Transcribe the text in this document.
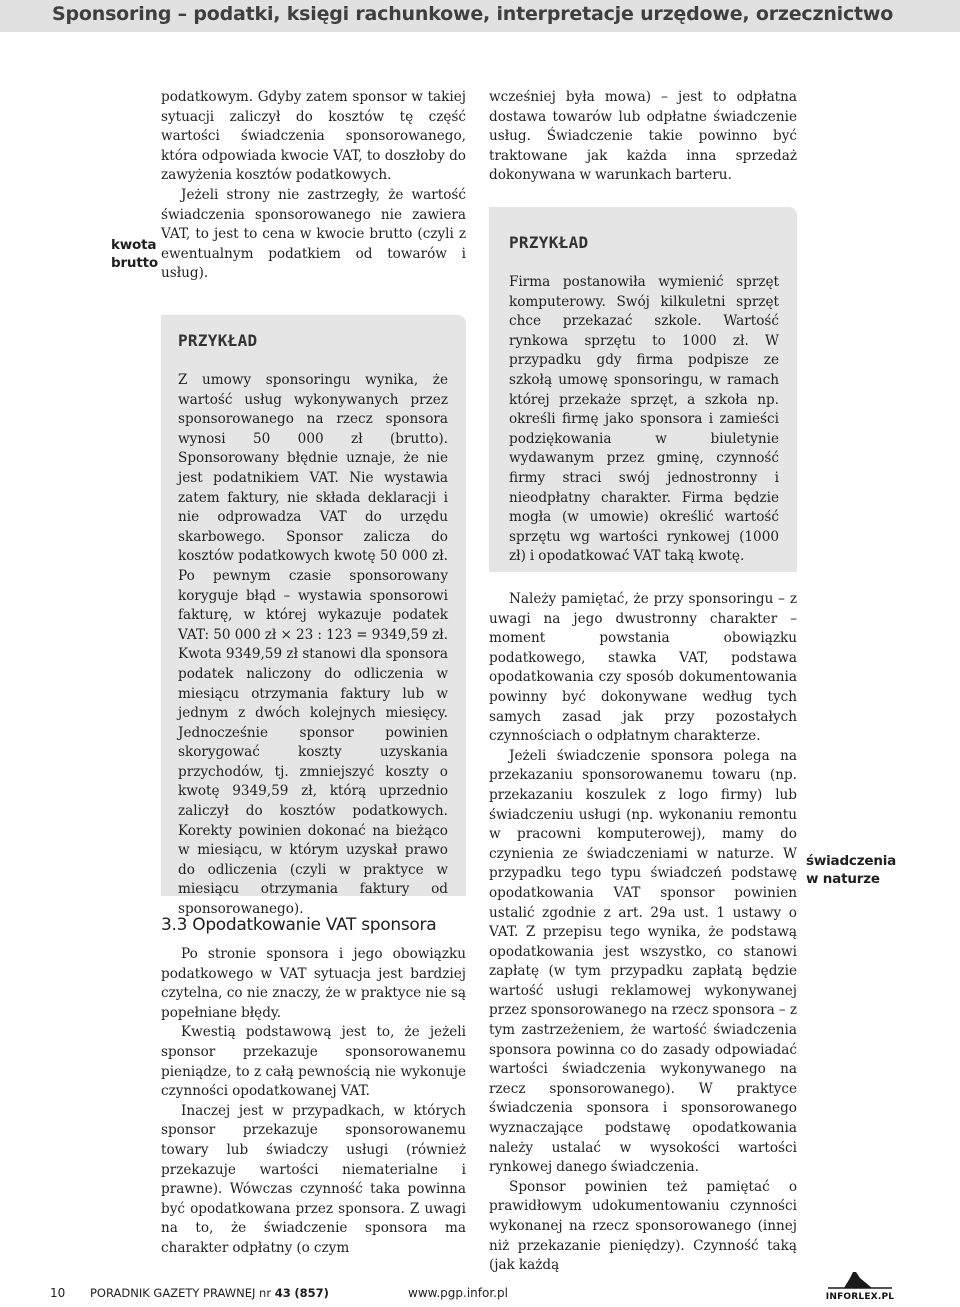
Sponsoring – podatki, księgi rachunkowe, interpretacje urzędowe, orzecznictwo

podatkowym. Gdyby zatem sponsor w takiej sytuacji zaliczył do kosztów tę część wartości świadczenia sponsorowanego, która odpowiada kwocie VAT, to doszłoby do zawyżenia kosztów podatkowych.

Jeżeli strony nie zastrzegły, że wartość świadczenia sponsorowanego nie zawiera VAT, to jest to cena w kwocie brutto (czyli z ewentualnym podatkiem od towarów i usług).

kwota
brutto
PRZYKŁAD

Z umowy sponsoringu wynika, że wartość usług wykonywanych przez sponsorowanego na rzecz sponsora wynosi 50 000 zł (brutto). Sponsorowany błędnie uznaje, że nie jest podatnikiem VAT. Nie wystawia zatem faktury, nie składa deklaracji i nie odprowadza VAT do urzędu skarbowego. Sponsor zalicza do kosztów podatkowych kwotę 50 000 zł. Po pewnym czasie sponsorowany koryguje błąd – wystawia sponsorowi fakturę, w której wykazuje podatek VAT: 50 000 zł × 23 : 123 = 9349,59 zł. Kwota 9349,59 zł stanowi dla sponsora podatek naliczony do odliczenia w miesiącu otrzymania faktury lub w jednym z dwóch kolejnych miesięcy. Jednocześnie sponsor powinien skorygować koszty uzyskania przychodów, tj. zmniejszyć koszty o kwotę 9349,59 zł, którą uprzednio zaliczył do kosztów podatkowych. Korekty powinien dokonać na bieżąco w miesiącu, w którym uzyskał prawo do odliczenia (czyli w praktyce w miesiącu otrzymania faktury od sponsorowanego).

3.3 Opodatkowanie VAT sponsora

Po stronie sponsora i jego obowiązku podatkowego w VAT sytuacja jest bardziej czytelna, co nie znaczy, że w praktyce nie są popełniane błędy.

Kwestią podstawową jest to, że jeżeli sponsor przekazuje sponsorowanemu pieniądze, to z całą pewnością nie wykonuje czynności opodatkowanej VAT.

Inaczej jest w przypadkach, w których sponsor przekazuje sponsorowanemu towary lub świadczy usługi (również przekazuje wartości niematerialne i prawne). Wówczas czynność taka powinna być opodatkowana przez sponsora. Z uwagi na to, że świadczenie sponsora ma charakter odpłatny (o czym

wcześniej była mowa) – jest to odpłatna dostawa towarów lub odpłatne świadczenie usług. Świadczenie takie powinno być traktowane jak każda inna sprzedaż dokonywana w warunkach barteru.

PRZYKŁAD

Firma postanowiła wymienić sprzęt komputerowy. Swój kilkuletni sprzęt chce przekazać szkole. Wartość rynkowa sprzętu to 1000 zł. W przypadku gdy firma podpisze ze szkołą umowę sponsoringu, w ramach której przekaże sprzęt, a szkoła np. określi firmę jako sponsora i zamieści podziękowania w biuletynie wydawanym przez gminę, czynność firmy straci swój jednostronny i nieodpłatny charakter. Firma będzie mogła (w umowie) określić wartość sprzętu wg wartości rynkowej (1000 zł) i opodatkować VAT taką kwotę.

Należy pamiętać, że przy sponsoringu – z uwagi na jego dwustronny charakter – moment powstania obowiązku podatkowego, stawka VAT, podstawa opodatkowania czy sposób dokumentowania powinny być dokonywane według tych samych zasad jak przy pozostałych czynnościach o odpłatnym charakterze.

Jeżeli świadczenie sponsora polega na przekazaniu sponsorowanemu towaru (np. przekazaniu koszulek z logo firmy) lub świadczeniu usługi (np. wykonaniu remontu w pracowni komputerowej), mamy do czynienia ze świadczeniami w naturze. W przypadku tego typu świadczeń podstawę opodatkowania VAT sponsor powinien ustalić zgodnie z art. 29a ust. 1 ustawy o VAT. Z przepisu tego wynika, że podstawą opodatkowania jest wszystko, co stanowi zapłatę (w tym przypadku zapłatą będzie wartość usługi reklamowej wykonywanej przez sponsorowanego na rzecz sponsora – z tym zastrzeżeniem, że wartość świadczenia sponsora powinna co do zasady odpowiadać wartości świadczenia wykonywanego na rzecz sponsorowanego). W praktyce świadczenia sponsora i sponsorowanego wyznaczające podstawę opodatkowania należy ustalać w wysokości wartości rynkowej danego świadczenia.

Sponsor powinien też pamiętać o prawidłowym udokumentowaniu czynności wykonanej na rzecz sponsorowanego (innej niż przekazanie pieniędzy). Czynność taką (jak każdą

świadczenia
w naturze
10 PORADNIK GAZETY PRAWNEJ nr 43 (857)	www.pgp.infor.pl	INFORLEX.PL
